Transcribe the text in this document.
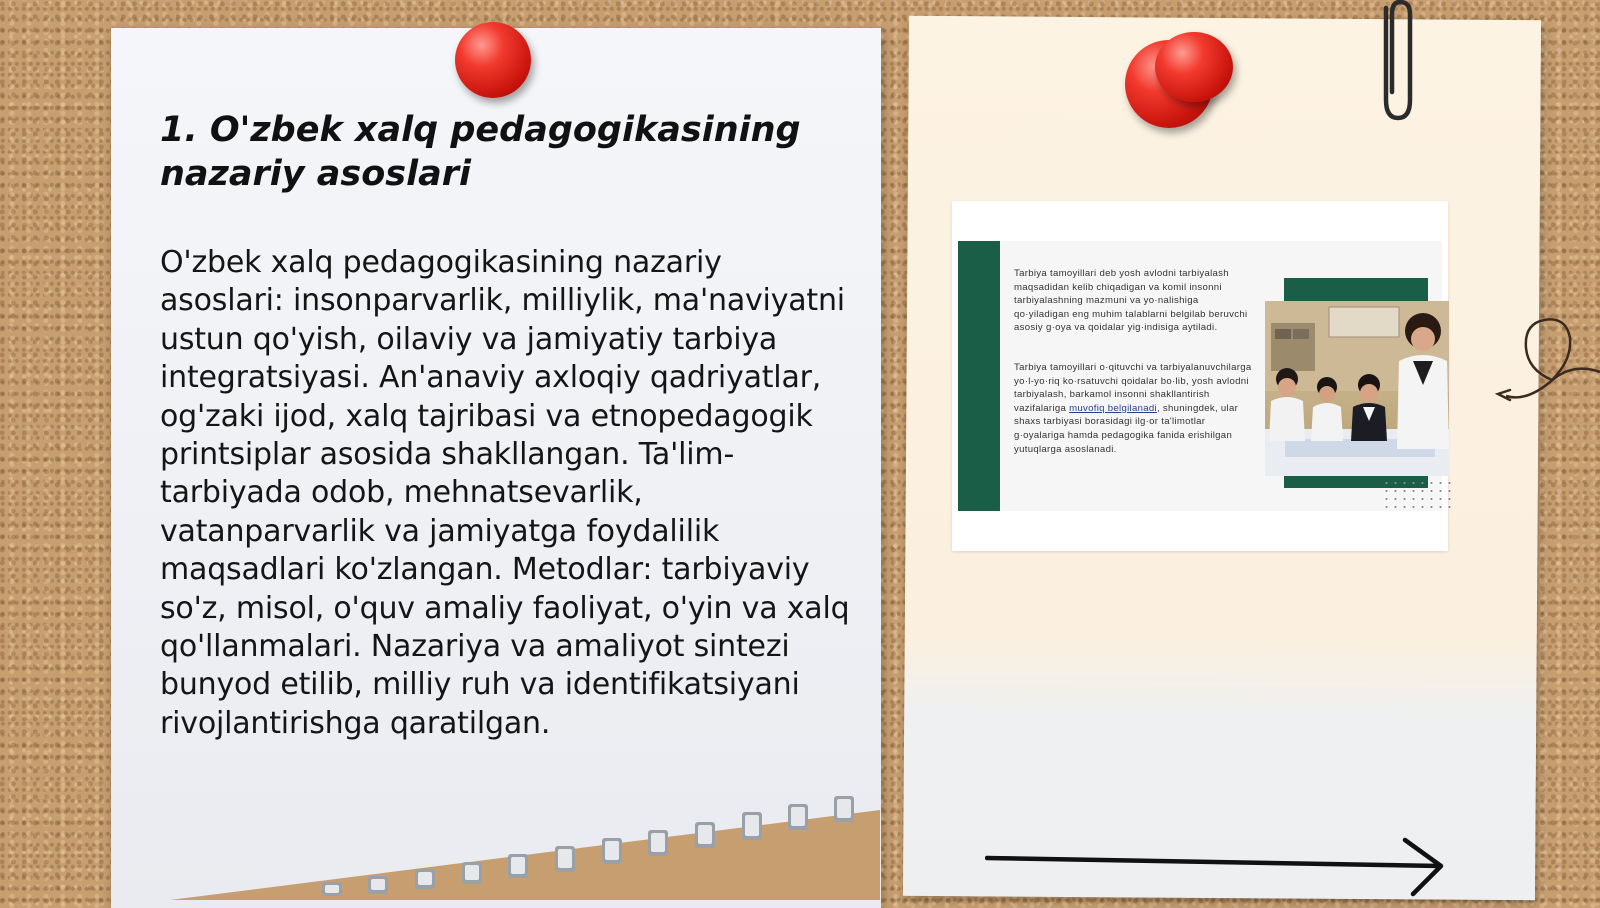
1. O'zbek xalq pedagogikasining nazariy asoslari

O'zbek xalq pedagogikasining nazariy asoslari: insonparvarlik, milliylik, ma'naviyatni ustun qo'yish, oilaviy va jamiyatiy tarbiya integratsiyasi. An'anaviy axloqiy qadriyatlar, og'zaki ijod, xalq tajribasi va etnopedagogik printsiplar asosida shakllangan. Ta'lim-tarbiyada odob, mehnatsevarlik, vatanparvarlik va jamiyatga foydalilik maqsadlari ko'zlangan. Metodlar: tarbiyaviy so'z, misol, o'quv amaliy faoliyat, o'yin va xalq qo'llanmalari. Nazariya va amaliyot sintezi bunyod etilib, milliy ruh va identifikatsiyani rivojlantirishga qaratilgan.

Tarbiya tamoyillari deb yosh avlodni tarbiyalash maqsadidan kelib chiqadigan va komil insonni tarbiyalashning mazmuni va yo·nalishiga qo·yiladigan eng muhim talablarni belgilab beruvchi asosiy g·oya va qoidalar yig·indisiga aytiladi.

Tarbiya tamoyillari o·qituvchi va tarbiyalanuvchilarga yo·l-yo·riq ko·rsatuvchi qoidalar bo·lib, yosh avlodni tarbiyalash, barkamol insonni shakllantirish vazifalariga muvofiq belgilanadi, shuningdek, ular shaxs tarbiyasi borasidagi ilg·or ta'limotlar g·oyalariga hamda pedagogika fanida erishilgan yutuqlarga asoslanadi.
